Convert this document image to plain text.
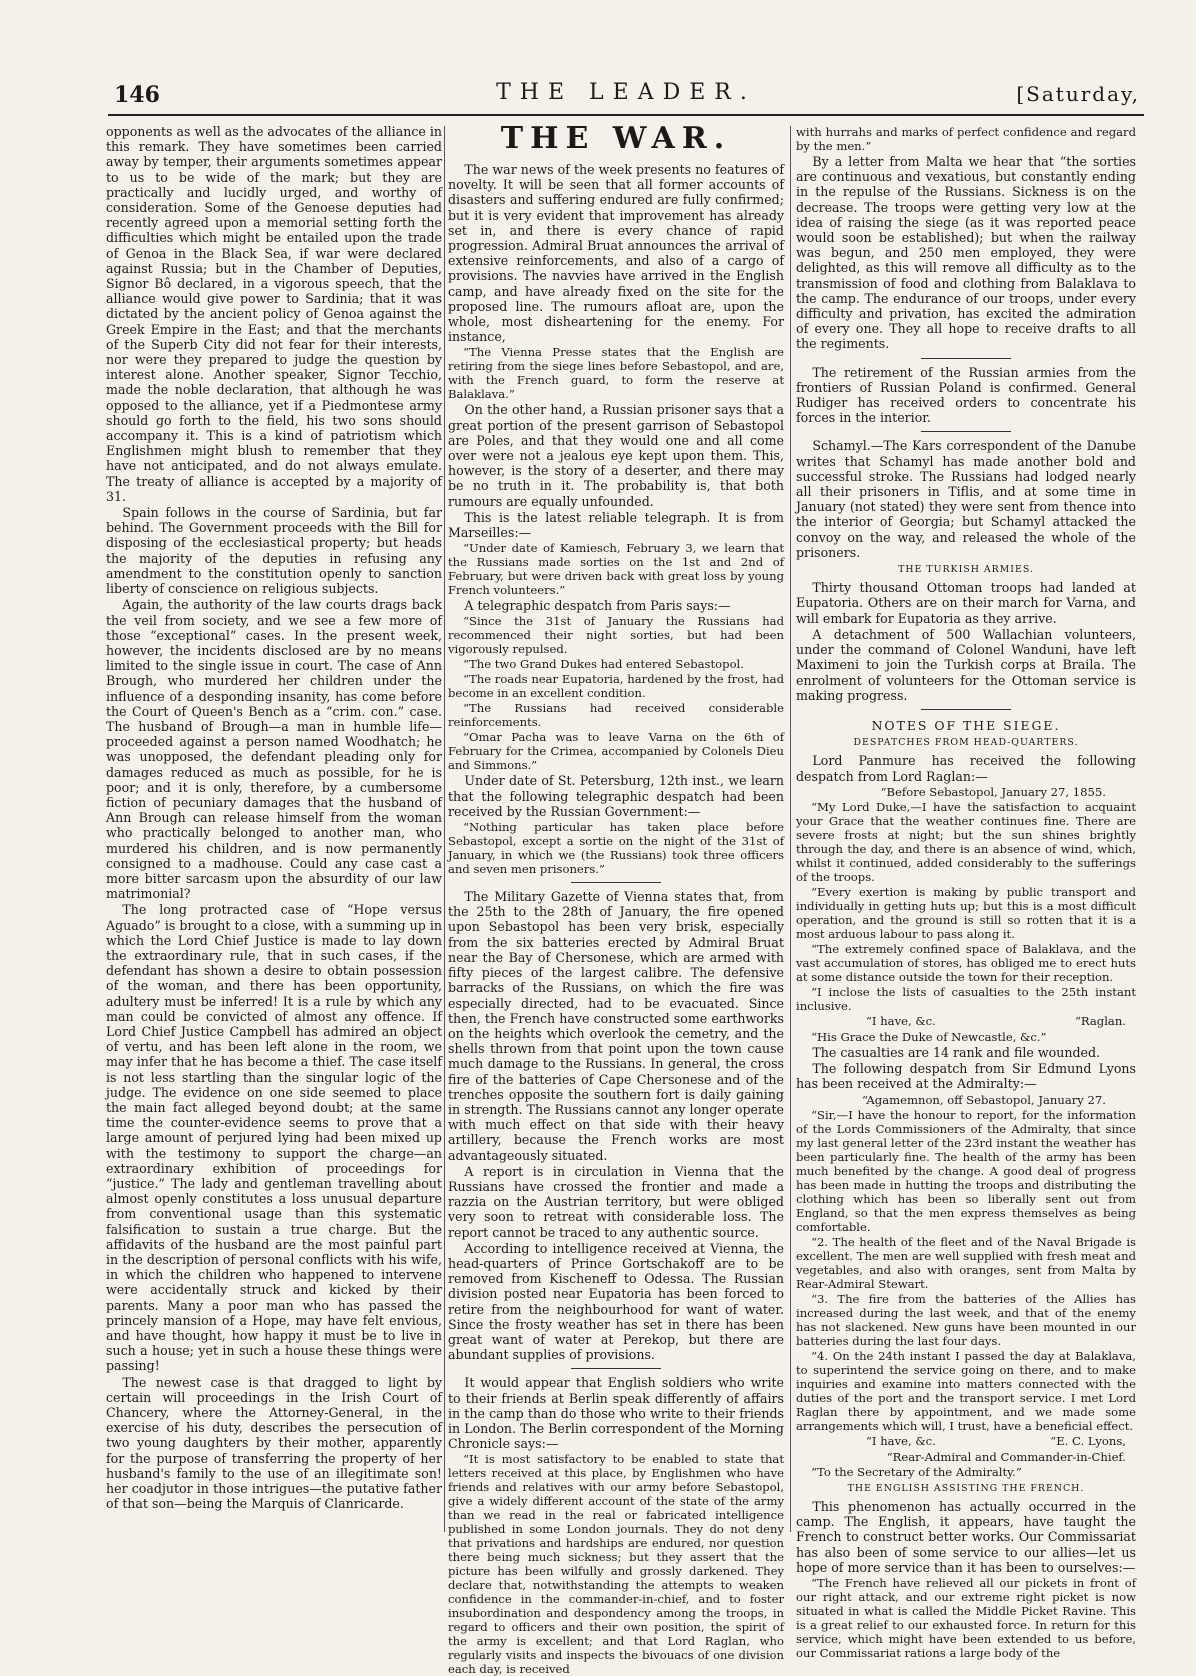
146	THE LEADER.	[Saturday,

opponents as well as the advocates of the alliance in this remark. They have sometimes been carried away by temper, their arguments sometimes appear to us to be wide of the mark; but they are practically and lucidly urged, and worthy of consideration. Some of the Genoese deputies had recently agreed upon a memorial setting forth the difficulties which might be entailed upon the trade of Genoa in the Black Sea, if war were declared against Russia; but in the Chamber of Deputies, Signor Bô declared, in a vigorous speech, that the alliance would give power to Sardinia; that it was dictated by the ancient policy of Genoa against the Greek Empire in the East; and that the merchants of the Superb City did not fear for their interests, nor were they prepared to judge the question by interest alone. Another speaker, Signor Tecchio, made the noble declaration, that although he was opposed to the alliance, yet if a Piedmontese army should go forth to the field, his two sons should accompany it. This is a kind of patriotism which Englishmen might blush to remember that they have not anticipated, and do not always emulate. The treaty of alliance is accepted by a majority of 31.

Spain follows in the course of Sardinia, but far behind. The Government proceeds with the Bill for disposing of the ecclesiastical property; but heads the majority of the deputies in refusing any amendment to the constitution openly to sanction liberty of conscience on religious subjects.

Again, the authority of the law courts drags back the veil from society, and we see a few more of those “exceptional” cases. In the present week, however, the incidents disclosed are by no means limited to the single issue in court. The case of Ann Brough, who murdered her children under the influence of a desponding insanity, has come before the Court of Queen's Bench as a “crim. con.” case. The husband of Brough—a man in humble life—proceeded against a person named Woodhatch; he was unopposed, the defendant pleading only for damages reduced as much as possible, for he is poor; and it is only, therefore, by a cumbersome fiction of pecuniary damages that the husband of Ann Brough can release himself from the woman who practically belonged to another man, who murdered his children, and is now permanently consigned to a madhouse. Could any case cast a more bitter sarcasm upon the absurdity of our law matrimonial?

The long protracted case of “Hope versus Aguado” is brought to a close, with a summing up in which the Lord Chief Justice is made to lay down the extraordinary rule, that in such cases, if the defendant has shown a desire to obtain possession of the woman, and there has been opportunity, adultery must be inferred! It is a rule by which any man could be convicted of almost any offence. If Lord Chief Justice Campbell has admired an object of vertu, and has been left alone in the room, we may infer that he has become a thief. The case itself is not less startling than the singular logic of the judge. The evidence on one side seemed to place the main fact alleged beyond doubt; at the same time the counter-evidence seems to prove that a large amount of perjured lying had been mixed up with the testimony to support the charge—an extraordinary exhibition of proceedings for “justice.” The lady and gentleman travelling about almost openly constitutes a loss unusual departure from conventional usage than this systematic falsification to sustain a true charge. But the affidavits of the husband are the most painful part in the description of personal conflicts with his wife, in which the children who happened to intervene were accidentally struck and kicked by their parents. Many a poor man who has passed the princely mansion of a Hope, may have felt envious, and have thought, how happy it must be to live in such a house; yet in such a house these things were passing!

The newest case is that dragged to light by certain will proceedings in the Irish Court of Chancery, where the Attorney-General, in the exercise of his duty, describes the persecution of two young daughters by their mother, apparently for the purpose of transferring the property of her husband's family to the use of an illegitimate son! her coadjutor in those intrigues—the putative father of that son—being the Marquis of Clanricarde.

THE WAR.

The war news of the week presents no features of novelty. It will be seen that all former accounts of disasters and suffering endured are fully confirmed; but it is very evident that improvement has already set in, and there is every chance of rapid progression. Admiral Bruat announces the arrival of extensive reinforcements, and also of a cargo of provisions. The navvies have arrived in the English camp, and have already fixed on the site for the proposed line. The rumours afloat are, upon the whole, most disheartening for the enemy. For instance,

“The Vienna Presse states that the English are retiring from the siege lines before Sebastopol, and are, with the French guard, to form the reserve at Balaklava.”

On the other hand, a Russian prisoner says that a great portion of the present garrison of Sebastopol are Poles, and that they would one and all come over were not a jealous eye kept upon them. This, however, is the story of a deserter, and there may be no truth in it. The probability is, that both rumours are equally unfounded.

This is the latest reliable telegraph. It is from Marseilles:—

“Under date of Kamiesch, February 3, we learn that the Russians made sorties on the 1st and 2nd of February, but were driven back with great loss by young French volunteers.”

A telegraphic despatch from Paris says:—

“Since the 31st of January the Russians had recommenced their night sorties, but had been vigorously repulsed.

“The two Grand Dukes had entered Sebastopol.

“The roads near Eupatoria, hardened by the frost, had become in an excellent condition.

“The Russians had received considerable reinforcements.

“Omar Pacha was to leave Varna on the 6th of February for the Crimea, accompanied by Colonels Dieu and Simmons.”

Under date of St. Petersburg, 12th inst., we learn that the following telegraphic despatch had been received by the Russian Government:—

“Nothing particular has taken place before Sebastopol, except a sortie on the night of the 31st of January, in which we (the Russians) took three officers and seven men prisoners.”

The Military Gazette of Vienna states that, from the 25th to the 28th of January, the fire opened upon Sebastopol has been very brisk, especially from the six batteries erected by Admiral Bruat near the Bay of Chersonese, which are armed with fifty pieces of the largest calibre. The defensive barracks of the Russians, on which the fire was especially directed, had to be evacuated. Since then, the French have constructed some earthworks on the heights which overlook the cemetry, and the shells thrown from that point upon the town cause much damage to the Russians. In general, the cross fire of the batteries of Cape Chersonese and of the trenches opposite the southern fort is daily gaining in strength. The Russians cannot any longer operate with much effect on that side with their heavy artillery, because the French works are most advantageously situated.

A report is in circulation in Vienna that the Russians have crossed the frontier and made a razzia on the Austrian territory, but were obliged very soon to retreat with considerable loss. The report cannot be traced to any authentic source.

According to intelligence received at Vienna, the head-quarters of Prince Gortschakoff are to be removed from Kischeneff to Odessa. The Russian division posted near Eupatoria has been forced to retire from the neighbourhood for want of water. Since the frosty weather has set in there has been great want of water at Perekop, but there are abundant supplies of provisions.

It would appear that English soldiers who write to their friends at Berlin speak differently of affairs in the camp than do those who write to their friends in London. The Berlin correspondent of the Morning Chronicle says:—

“It is most satisfactory to be enabled to state that letters received at this place, by Englishmen who have friends and relatives with our army before Sebastopol, give a widely different account of the state of the army than we read in the real or fabricated intelligence published in some London journals. They do not deny that privations and hardships are endured, nor question there being much sickness; but they assert that the picture has been wilfully and grossly darkened. They declare that, notwithstanding the attempts to weaken confidence in the commander-in-chief, and to foster insubordination and despondency among the troops, in regard to officers and their own position, the spirit of the army is excellent; and that Lord Raglan, who regularly visits and inspects the bivouacs of one division each day, is received

with hurrahs and marks of perfect confidence and regard by the men.”

By a letter from Malta we hear that “the sorties are continuous and vexatious, but constantly ending in the repulse of the Russians. Sickness is on the decrease. The troops were getting very low at the idea of raising the siege (as it was reported peace would soon be established); but when the railway was begun, and 250 men employed, they were delighted, as this will remove all difficulty as to the transmission of food and clothing from Balaklava to the camp. The endurance of our troops, under every difficulty and privation, has excited the admiration of every one. They all hope to receive drafts to all the regiments.

The retirement of the Russian armies from the frontiers of Russian Poland is confirmed. General Rudiger has received orders to concentrate his forces in the interior.

Schamyl.—The Kars correspondent of the Danube writes that Schamyl has made another bold and successful stroke. The Russians had lodged nearly all their prisoners in Tiflis, and at some time in January (not stated) they were sent from thence into the interior of Georgia; but Schamyl attacked the convoy on the way, and released the whole of the prisoners.

THE TURKISH ARMIES.

Thirty thousand Ottoman troops had landed at Eupatoria. Others are on their march for Varna, and will embark for Eupatoria as they arrive.

A detachment of 500 Wallachian volunteers, under the command of Colonel Wanduni, have left Maximeni to join the Turkish corps at Braila. The enrolment of volunteers for the Ottoman service is making progress.

NOTES OF THE SIEGE.
DESPATCHES FROM HEAD-QUARTERS.

Lord Panmure has received the following despatch from Lord Raglan:—

“Before Sebastopol, January 27, 1855.

“My Lord Duke,—I have the satisfaction to acquaint your Grace that the weather continues fine. There are severe frosts at night; but the sun shines brightly through the day, and there is an absence of wind, which, whilst it continued, added considerably to the sufferings of the troops.

“Every exertion is making by public transport and individually in getting huts up; but this is a most difficult operation, and the ground is still so rotten that it is a most arduous labour to pass along it.

“The extremely confined space of Balaklava, and the vast accumulation of stores, has obliged me to erect huts at some distance outside the town for their reception.

“I inclose the lists of casualties to the 25th instant inclusive.

“I have, &c.	“Raglan.

“His Grace the Duke of Newcastle, &c.”

The casualties are 14 rank and file wounded.

The following despatch from Sir Edmund Lyons has been received at the Admiralty:—

“Agamemnon, off Sebastopol, January 27.

“Sir,—I have the honour to report, for the information of the Lords Commissioners of the Admiralty, that since my last general letter of the 23rd instant the weather has been particularly fine. The health of the army has been much benefited by the change. A good deal of progress has been made in hutting the troops and distributing the clothing which has been so liberally sent out from England, so that the men express themselves as being comfortable.

“2. The health of the fleet and of the Naval Brigade is excellent. The men are well supplied with fresh meat and vegetables, and also with oranges, sent from Malta by Rear-Admiral Stewart.

“3. The fire from the batteries of the Allies has increased during the last week, and that of the enemy has not slackened. New guns have been mounted in our batteries during the last four days.

“4. On the 24th instant I passed the day at Balaklava, to superintend the service going on there, and to make inquiries and examine into matters connected with the duties of the port and the transport service. I met Lord Raglan there by appointment, and we made some arrangements which will, I trust, have a beneficial effect.

“I have, &c.	“E. C. Lyons,

“Rear-Admiral and Commander-in-Chief.

“To the Secretary of the Admiralty.”

THE ENGLISH ASSISTING THE FRENCH.

This phenomenon has actually occurred in the camp. The English, it appears, have taught the French to construct better works. Our Commissariat has also been of some service to our allies—let us hope of more service than it has been to ourselves:—

“The French have relieved all our pickets in front of our right attack, and our extreme right picket is now situated in what is called the Middle Picket Ravine. This is a great relief to our exhausted force. In return for this service, which might have been extended to us before, our Commissariat rations a large body of the
